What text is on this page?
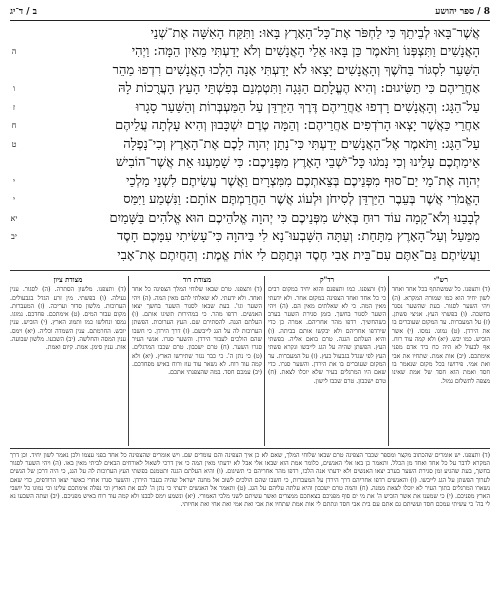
ב / ד־יג	8 / ספר יהושע
אֲשֶׁר־בָּאוּ לְבֵיתֵךְ כִּי לַחְפֹּר אֶת־כָּל־הָאָרֶץ בָּאוּ: וַתִּקַּח הָאִשָּׁה אֶת־שְׁנֵי
הָאֲנָשִׁים וַתִּצְפְּנוֹ וַתֹּאמֶר כֵּן בָּאוּ אֵלַי הָאֲנָשִׁים וְלֹא יָדַעְתִּי מֵאַיִן הֵמָּה: וַיְהִי
הַשַּׁעַר לִסְגּוֹר בַּחֹשֶׁךְ וְהָאֲנָשִׁים יָצָאוּ לֹא יָדַעְתִּי אָנָה הָלְכוּ הָאֲנָשִׁים רִדְפוּ מַהֵר
אַחֲרֵיהֶם כִּי תַשִּׂיגוּם: וְהִיא הֶעֱלָתַם הַגָּגָה וַתִּטְמְנֵם בְּפִשְׁתֵּי הָעֵץ הָעֲרֻכוֹת לָהּ
עַל־הַגָּג: וְהָאֲנָשִׁים רָדְפוּ אַחֲרֵיהֶם דֶּרֶךְ הַיַּרְדֵּן עַל הַמַּעְבְּרוֹת וְהַשַּׁעַר סָגָרוּ
אַחֲרֵי כַּאֲשֶׁר יָצְאוּ הָרֹדְפִים אַחֲרֵיהֶם: וְהֵמָּה טֶרֶם יִשְׁכָּבוּן וְהִיא עָלְתָה עֲלֵיהֶם
עַל־הַגָּג: וַתֹּאמֶר אֶל־הָאֲנָשִׁים יָדַעְתִּי כִּי־נָתַן יְהוָה לָכֶם אֶת־הָאָרֶץ וְכִי־נָפְלָה
אֵימַתְכֶם עָלֵינוּ וְכִי נָמֹגוּ כָּל־יֹשְׁבֵי הָאָרֶץ מִפְּנֵיכֶם: כִּי שָׁמַעְנוּ אֵת אֲשֶׁר־הוֹבִישׁ
יְהוָה אֶת־מֵי יַם־סוּף מִפְּנֵיכֶם בְּצֵאתְכֶם מִמִּצְרָיִם וַאֲשֶׁר עֲשִׂיתֶם לִשְׁנֵי מַלְכֵי
הָאֱמֹרִי אֲשֶׁר בְּעֵבֶר הַיַּרְדֵּן לְסִיחֹן וּלְעוֹג אֲשֶׁר הַחֲרַמְתֶּם אוֹתָם: וַנִּשְׁמַע וַיִּמַּס
לְבָבֵנוּ וְלֹא־קָמָה עוֹד רוּחַ בְּאִישׁ מִפְּנֵיכֶם כִּי יְהוָה אֱלֹהֵיכֶם הוּא אֱלֹהִים בַּשָּׁמַיִם
מִמַּעַל וְעַל־הָאָרֶץ מִתָּחַת: וְעַתָּה הִשָּׁבְעוּ־נָא לִי בַּיהוָה כִּי־עָשִׂיתִי עִמָּכֶם חָסֶד
וַעֲשִׂיתֶם גַּם־אַתֶּם עִם־בֵּית אָבִי חֶסֶד וּנְתַתֶּם לִי אוֹת אֱמֶת: וְהַחֲיִתֶם אֶת־אָבִי
ה
ו
ז
ח
ט
י
י
יא
יב
רש"י
(ד) ותצפנו. כל שמשתתף בכל אחד ואחד לשון יחיד הוא כמו שמורה המקרא. (ה) ויהי השער לסגור. בעת שהשער נסגר בחשכה. (ו) בפשתי העץ. אניצי פשתן. (ז) על המעברות. עד המקום שעוברים בו את הירדן. (ט) נמוגו. נמסו. (י) אשר הוביש. כמו יבש. (יא) ולא קמה עוד רוח. אף לבעול לא היה כח ביד אדם מפני אימתכם. (יב) אות אמת. שתחיו את אבי ואת אמי. פירושו בכל מקום שנאמר בו חסד ואמת הוא חסד של אמת שאינו מצפה לתשלום גמול.
רד"ק
(ד) ותצפנו. כמו ותצפנם והוא יחיד במקום רבים כי כל אחד ואחד הצפינה במקום אחר. ולא ידעתי מאין המה. כי לא שאלתים מאין הם. (ה) ויהי השער לסגור בחשך. בזמן סגירת השער בערב כשהחשיך. רדפו מהר אחריהם. אמרה כן כדי שירדפו אחריהם ולא יבקשו אותם בביתה. (ו) והיא העלתם הגגה. טרם בואם אליה. בפשתי העץ. הפשתן שהיה על הגג לייבשו ונקרא פשתי העץ לפי שגדל בגבעול כעץ. (ז) על המעברות. עד המקום שעוברים בו את הירדן. והשער סגרו. כדי שאם היו המרגלים בעיר שלא יוכלו לצאת. (ח) טרם ישכבון. טרם שכבו לישון.
מצודת דוד
(ד) ותצפנו. טרם שבאו שלוחי המלך הצפינה כל אחד ואחד. ולא ידעתי. לא שאלתי להם מאין המה. (ה) ויהי השער וגו'. בעת שבאו לסגור השער בחשך יצאו האנשים. רדפו מהר. כי במהירות תשיגו אותם. (ו) העלתם הגגה. להסתירם שם. העץ הערוכות. הפשתן הערוכות לה על הגג לייבשם. (ז) דרך הירדן. כי חשבו שהם הולכים לעבור הירדן. והשער סגרו. אנשי העיר סגרו השער. (ח) טרם ישכבון. טרם שכבו המרגלים. (ט) כי נתן ה'. כי כבר נגזר שתירשו הארץ. (יא) ולא קמה עוד רוח. לא נשאר עוד עוז ורוח באיש מפחדכם. (יב) עמכם חסד. במה שהצפנתי אתכם.
מצודת ציון
(ד) ותצפנו. מלשון הסתרה. (ה) לסגור. ענין נעילה. (ו) בפשתי. מין זרע הגדל בגבעולים. הערוכות. מלשון סדור ועריכה. (ז) המעברות. מקום עבור המים. (ט) אימתכם. פחדכם. נמוגו. נמסו ונחלשו כמו ותמוג הארץ. (י) הוביש. ענין יובש. החרמתם. ענין השמדה וכליה. (יא) וימס. ענין המסה והחלשה. (יב) השבעו. מלשון שבועה. אות. ענין סימן. אמת. קיום ואמת.
(ד) ותצפנו. יש אומרים שהכתוב מקצר ומספר שכבר הצפינה טרם שבאו שלוחי המלך, שאם לא כן איך הצפינה והם עומדים שם. ויש אומרים שהצפינה כל אחד בפני עצמו ולכן נאמר לשון יחיד. וכן דרך המקרא לדבר על כל אחד ואחד מן הכלל. ותאמר כן באו אלי האנשים, כלומר אמת הוא שבאו אלי אבל לא ידעתי מאין המה כי אין דרכי לשאול לאורחים הבאים לביתי מאין באו. (ה) ויהי השער לסגור בחשך, בעת שהגיע זמן סגירת השער בערב יצאו האנשים ולא ידעתי אנה הלכו, רדפו מהר אחריהם כי תשיגום. (ו) והיא העלתם הגגה ותטמנם בפשתי העץ הערוכות לה על הגג, כי היה דרכן של הנשים לערוך הפשתן על הגג לייבשו. (ז) והאנשים רדפו אחריהם דרך הירדן על המעברות, כי חשבו שהם הולכים לשוב אל מחנה ישראל שהיה בעבר הירדן. והשער סגרו אחרי כאשר יצאו הרודפים, כדי שאם נשארו המרגלים בתוך העיר לא יוכלו לצאת ממנה. (ח) והמה טרם ישכבון והיא עלתה עליהם על הגג. (ט) ותאמר אל האנשים ידעתי כי נתן ה' לכם את הארץ וכי נפלה אימתכם עלינו וכי נמוגו כל יושבי הארץ מפניכם. (י) כי שמענו את אשר הוביש ה' את מי ים סוף מפניכם בצאתכם ממצרים ואשר עשיתם לשני מלכי האמורי. (יא) ונשמע וימס לבבנו ולא קמה עוד רוח באיש מפניכם. (יב) ועתה השבעו נא לי בה' כי עשיתי עמכם חסד ועשיתם גם אתם עם בית אבי חסד ונתתם לי אות אמת שתחיו את אבי ואת אמי ואת אחי ואת אחיותי.
